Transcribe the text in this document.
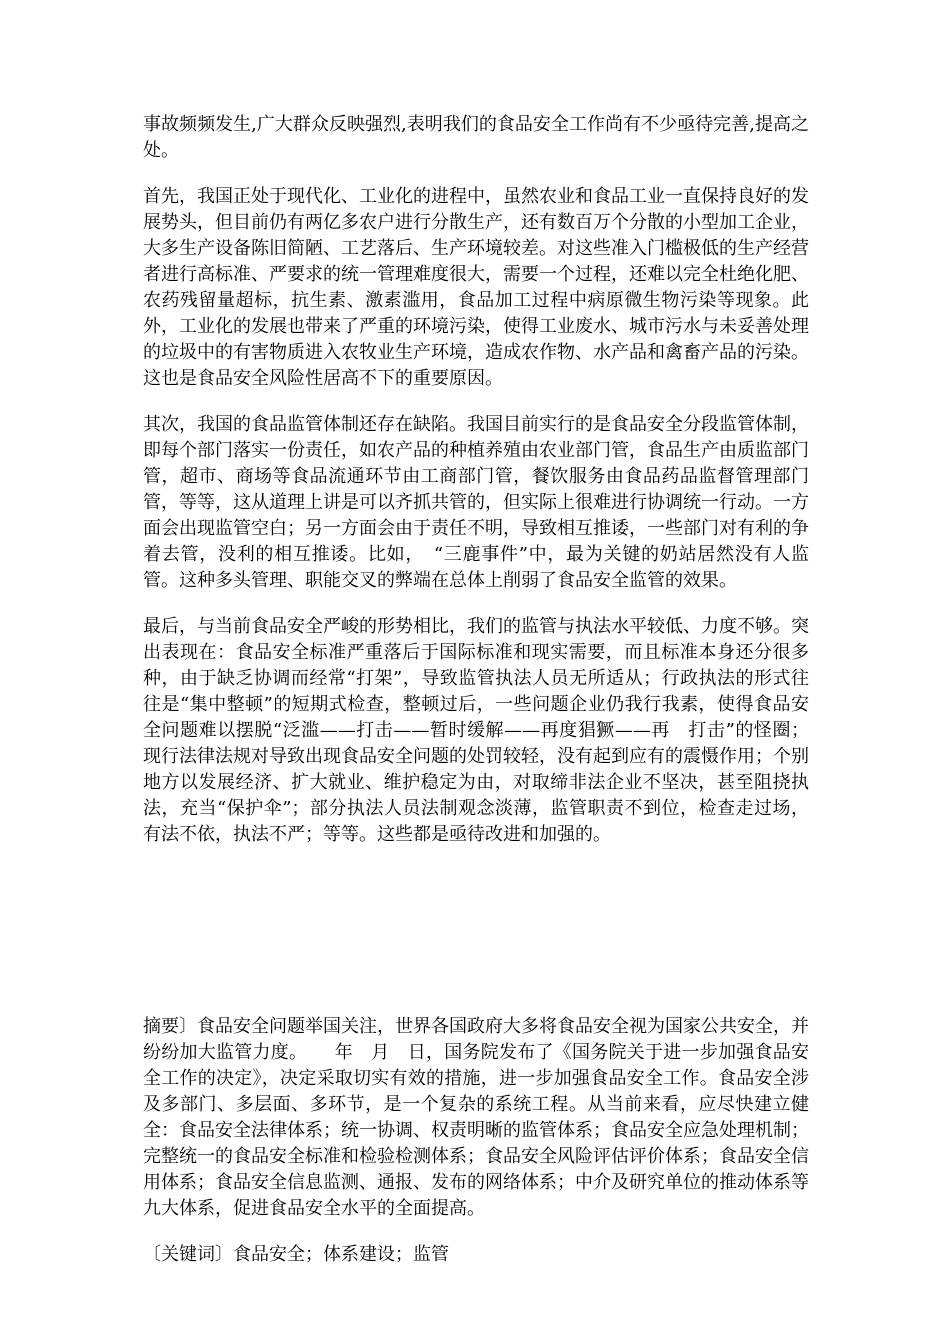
事故频频发生,广大群众反映强烈,表明我们的食品安全工作尚有不少亟待完善,提高之处。

首先，我国正处于现代化、工业化的进程中，虽然农业和食品工业一直保持良好的发展势头，但目前仍有两亿多农户进行分散生产，还有数百万个分散的小型加工企业，大多生产设备陈旧简陋、工艺落后、生产环境较差。对这些准入门槛极低的生产经营者进行高标准、严要求的统一管理难度很大，需要一个过程，还难以完全杜绝化肥、农药残留量超标，抗生素、激素滥用，食品加工过程中病原微生物污染等现象。此外，工业化的发展也带来了严重的环境污染，使得工业废水、城市污水与未妥善处理的垃圾中的有害物质进入农牧业生产环境，造成农作物、水产品和禽畜产品的污染。这也是食品安全风险性居高不下的重要原因。

其次，我国的食品监管体制还存在缺陷。我国目前实行的是食品安全分段监管体制，即每个部门落实一份责任，如农产品的种植养殖由农业部门管，食品生产由质监部门管，超市、商场等食品流通环节由工商部门管，餐饮服务由食品药品监督管理部门管，等等，这从道理上讲是可以齐抓共管的，但实际上很难进行协调统一行动。一方面会出现监管空白；另一方面会由于责任不明，导致相互推诿，一些部门对有利的争着去管，没利的相互推诿。比如，　“三鹿事件”中，最为关键的奶站居然没有人监管。这种多头管理、职能交叉的弊端在总体上削弱了食品安全监管的效果。

最后，与当前食品安全严峻的形势相比，我们的监管与执法水平较低、力度不够。突出表现在：食品安全标准严重落后于国际标准和现实需要，而且标准本身还分很多种，由于缺乏协调而经常“打架”，导致监管执法人员无所适从；行政执法的形式往往是“集中整顿”的短期式检查，整顿过后，一些问题企业仍我行我素，使得食品安全问题难以摆脱“泛滥——打击——暂时缓解——再度猖獗——再　打击”的怪圈；现行法律法规对导致出现食品安全问题的处罚较轻，没有起到应有的震慑作用；个别地方以发展经济、扩大就业、维护稳定为由，对取缔非法企业不坚决，甚至阻挠执法，充当“保护伞”；部分执法人员法制观念淡薄，监管职责不到位，检查走过场，有法不依，执法不严；等等。这些都是亟待改进和加强的。

摘要〕食品安全问题举国关注，世界各国政府大多将食品安全视为国家公共安全，并纷纷加大监管力度。　　年　月　日，国务院发布了《国务院关于进一步加强食品安全工作的决定》，决定采取切实有效的措施，进一步加强食品安全工作。食品安全涉及多部门、多层面、多环节，是一个复杂的系统工程。从当前来看，应尽快建立健全：食品安全法律体系；统一协调、权责明晰的监管体系；食品安全应急处理机制；完整统一的食品安全标准和检验检测体系；食品安全风险评估评价体系；食品安全信用体系；食品安全信息监测、通报、发布的网络体系；中介及研究单位的推动体系等九大体系，促进食品安全水平的全面提高。

〔关键词〕食品安全；体系建设；监管
